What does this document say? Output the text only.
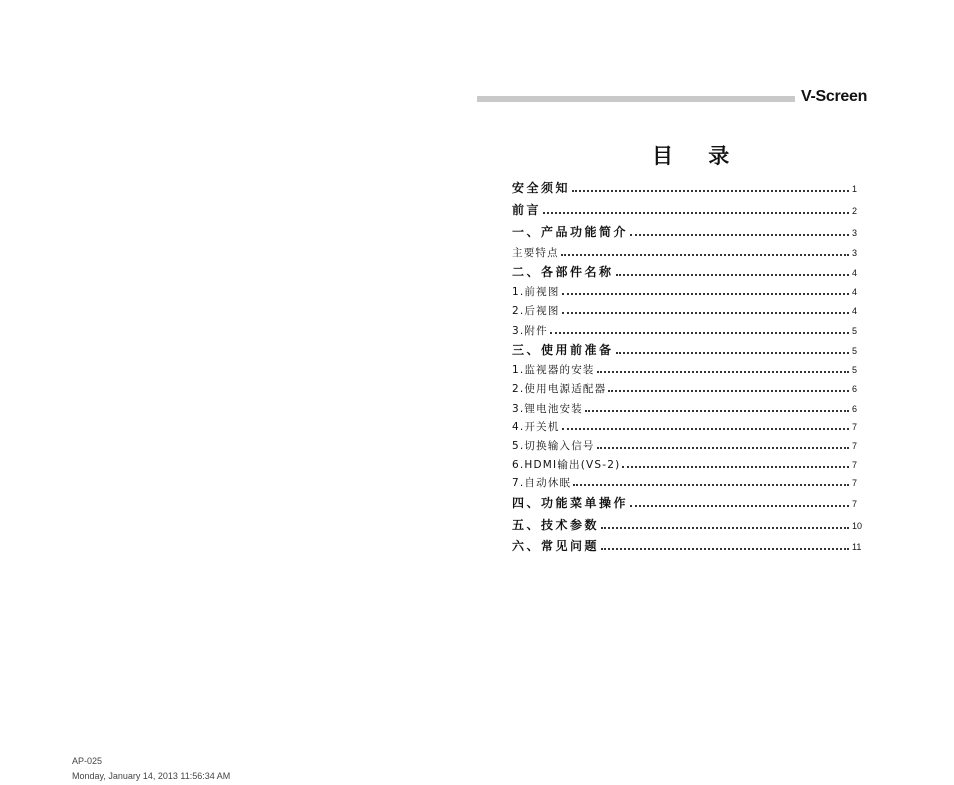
V-Screen
目 录
安全须知	1
前言	2
一、产品功能简介	3
主要特点	3
二、各部件名称	4
1.前视图	4
2.后视图	4
3.附件	5
三、使用前准备	5
1.监视器的安装	5
2.使用电源适配器	6
3.锂电池安装	6
4.开关机	7
5.切换输入信号	7
6.HDMI输出(VS-2)	7
7.自动休眠	7
四、功能菜单操作	7
五、技术参数	10
六、常见问题	11
AP-025
Monday, January 14, 2013 11:56:34 AM
